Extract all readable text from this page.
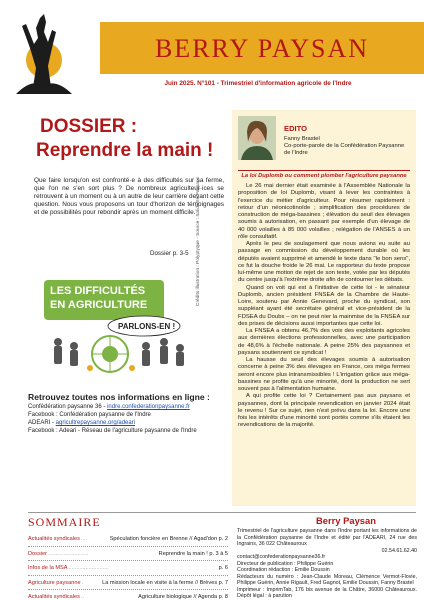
BERRY PAYSAN
Juin 2025. N°101 - Trimestriel d'information agricole de l'Indre
DOSSIER :
Reprendre la main !
Que faire lorsqu'on est confronté·e à des difficultés sur sa ferme, que l'on ne s'en sort plus ? De nombreux agriculteur·ices se retrouvent à un moment ou à un autre de leur carrière devant cette question. Nous vous proposons un tour d'horizon de témoignages et de possibilités pour rebondir après un moment difficile.
Dossier p. 3-5
LES DIFFICULTÉS
EN AGRICULTURE
PARLONS-EN !
Crédits illustration : Polyptyque - Source : Solidarité Paysans
Retrouvez toutes nos informations en ligne :
Confédération paysanne 36 - indre.confederationpaysanne.fr
Facebook : Confédération paysanne de l'Indre
ADEARI - agricultrepaysanne.org/adeari
Facebook : Adeari - Réseau de l'agriculture paysanne de l'Indre
EDITO
Fanny Brastel
Co-porte-parole de la Confédération Paysanne de l'Indre
La loi Duplomb ou comment plomber l'agriculture paysanne

Le 26 mai dernier était examinée à l'Assemblée Nationale la proposition de loi Duplomb, visant à lever les contraintes à l'exercice du métier d'agriculteur. Pour résumer rapidement : retour d'un néonicotinoïde ; simplification des procédures de construction de méga-bassines ; élévation du seuil des élevages soumis à autorisation, en passant par exemple d'un élevage de 40 000 volailles à 85 000 volailles ; relégation de l'ANSES à un rôle consultatif.

Après le peu de soulagement que nous avions eu suite au passage en commission du développement durable où les députés avaient supprimé et amendé le texte dans "le bon sens", ce fut la douche froide le 26 mai. Le rapporteur du texte propose lui-même une motion de rejet de son texte, votée par les députés du centre jusqu'à l'extrême droite afin de contourner les débats.

Quand on voit qui est à l'initiative de cette loi - le sénateur Duplomb, ancien président FNSEA de la Chambre de Haute-Loire, soutenu par Annie Genevard, proche du syndicat, son suppléant ayant été secrétaire général et vice-président de la FDSEA du Doubs – on ne peut nier la mainmise de la FNSEA sur des prises de décisions aussi importantes que cette loi.

La FNSEA a obtenu 46,7% des voix des exploitants agricoles aux dernières élections professionnelles, avec une participation de 48,6% à l'échelle nationale. A peine 25% des paysannes et paysans soutiennent ce syndicat !

La hausse du seuil des élevages soumis à autorisation concerne à peine 3% des élevages en France, ces méga fermes seront encore plus intransmissibles ! L'irrigation grâce aux méga-bassines ne profite qu'à une minorité, dont la production ne sert souvent pas à l'alimentation humaine.

A qui profite cette loi ? Certainement pas aux paysans et paysannes, dont la principale revendication en janvier 2024 était le revenu ! Sur ce sujet, rien n'est prévu dans la loi. Encore une fois les intérêts d'une minorité sont portés comme s'ils étaient les revendications de la majorité.

SOMMAIRE
Actualités syndicales ....	Spéculation foncière en Brenne // Agad'don p. 2
Dossier ..........................	Reprendre la main ! p. 3 à 5
Infos de la MSA ..........................	p. 6
Agriculture paysanne .	La mission locale en visite à la ferme // Brèves p. 7
Actualités syndicales ..	Agriculture biologique // Agenda p. 8
Berry Paysan
Trimestriel de l'agriculture paysanne dans l'Indre portant les informations de la Confédération paysanne de l'Indre et édité par l'ADEARI, 24 rue des Ingrains, 36 022 Châteauroux
02.54.61.62.40
contact@confederationpaysanne36.fr
Directeur de publication : Philippe Guérin
Coordination rédaction : Emilie Doussin
Rédacteurs du numéro : Jean-Claude Moreau, Clémence Vermot-Flovie, Philippe Guérin, Annie Rigault, Fred Gagnot, Emilie Doussin, Fanny Brastel
Imprimeur : ImprimTab, 176 bis avenue de la Châtre, 36000 Châteauroux. Dépôt légal : à parution
